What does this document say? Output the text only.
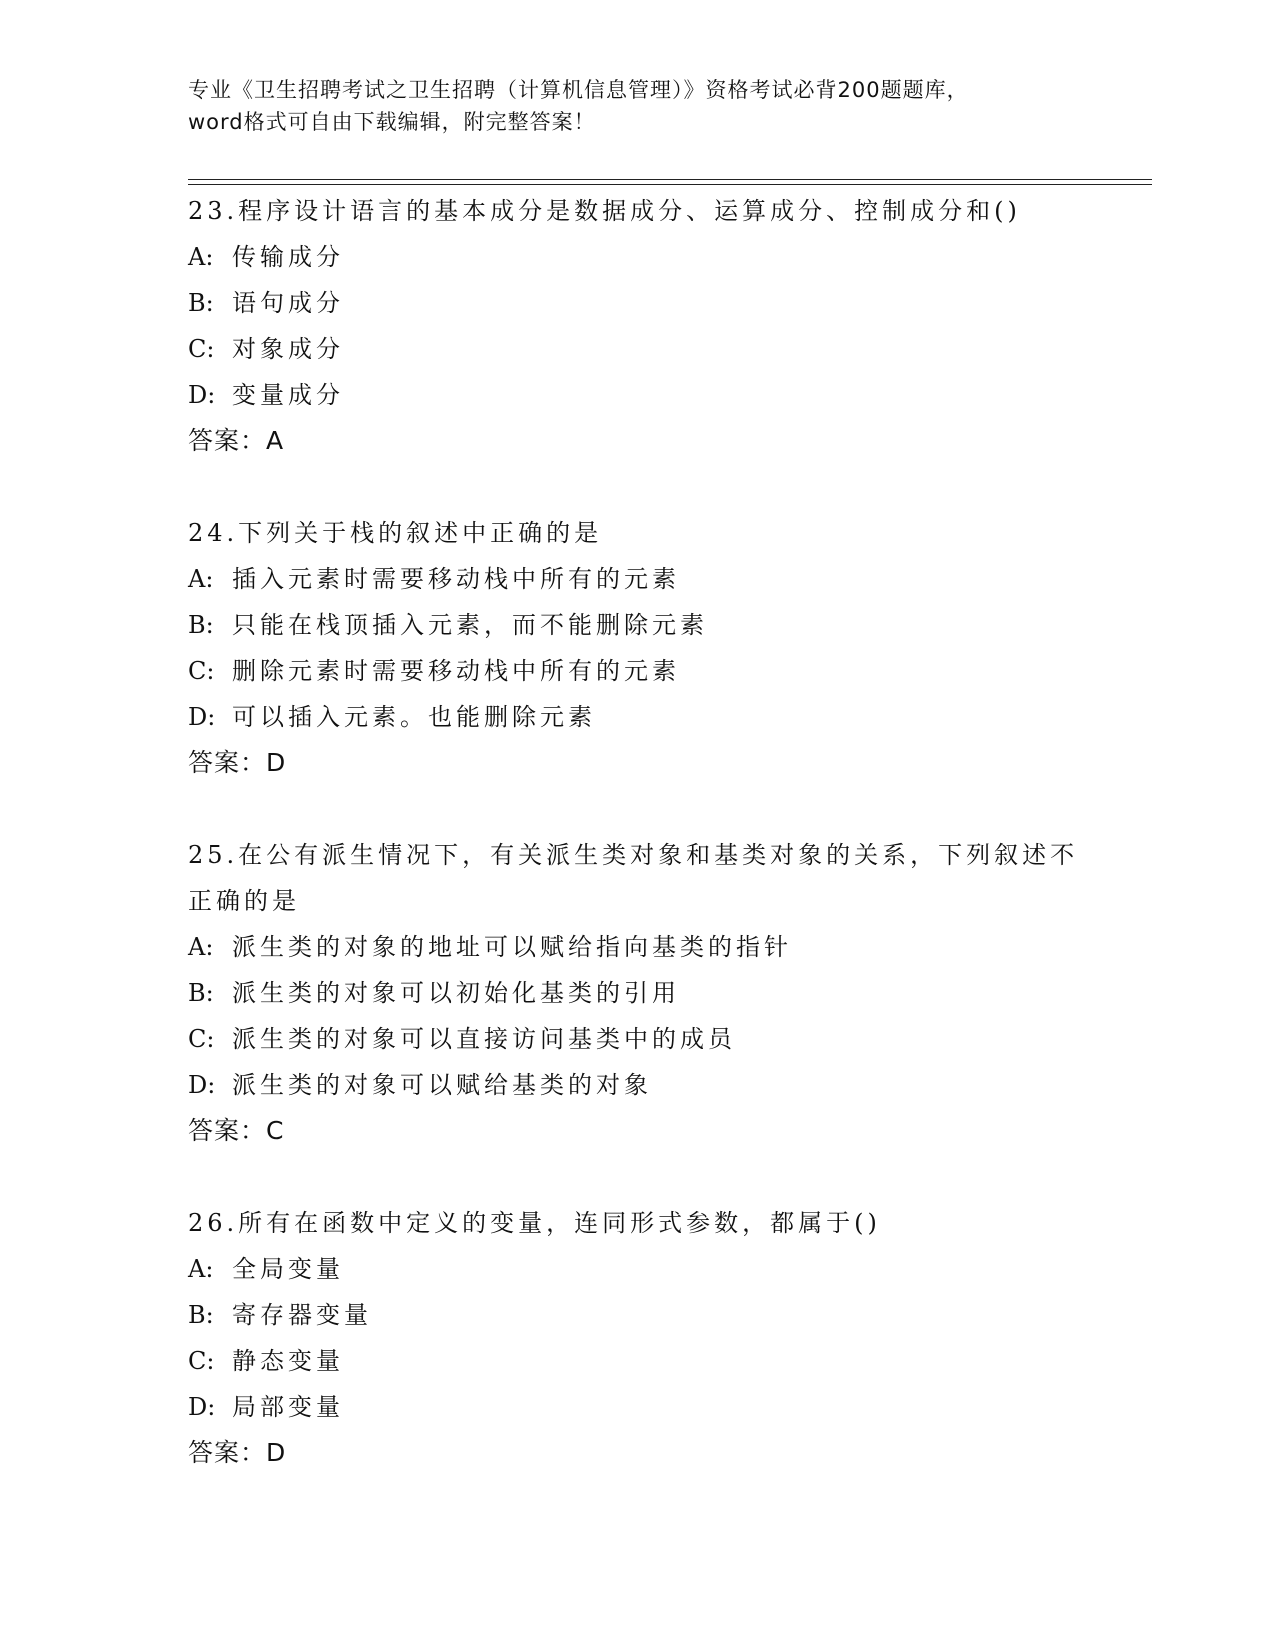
专业《卫生招聘考试之卫生招聘（计算机信息管理）》资格考试必背200题题库，
word格式可自由下载编辑，附完整答案！
23.程序设计语言的基本成分是数据成分、运算成分、控制成分和()
A: 传输成分
B: 语句成分
C: 对象成分
D: 变量成分
答案：A
24.下列关于栈的叙述中正确的是
A: 插入元素时需要移动栈中所有的元素
B: 只能在栈顶插入元素，而不能删除元素
C: 删除元素时需要移动栈中所有的元素
D: 可以插入元素。也能删除元素
答案：D
25.在公有派生情况下，有关派生类对象和基类对象的关系，下列叙述不正确的是
A: 派生类的对象的地址可以赋给指向基类的指针
B: 派生类的对象可以初始化基类的引用
C: 派生类的对象可以直接访问基类中的成员
D: 派生类的对象可以赋给基类的对象
答案：C
26.所有在函数中定义的变量，连同形式参数，都属于()
A: 全局变量
B: 寄存器变量
C: 静态变量
D: 局部变量
答案：D
